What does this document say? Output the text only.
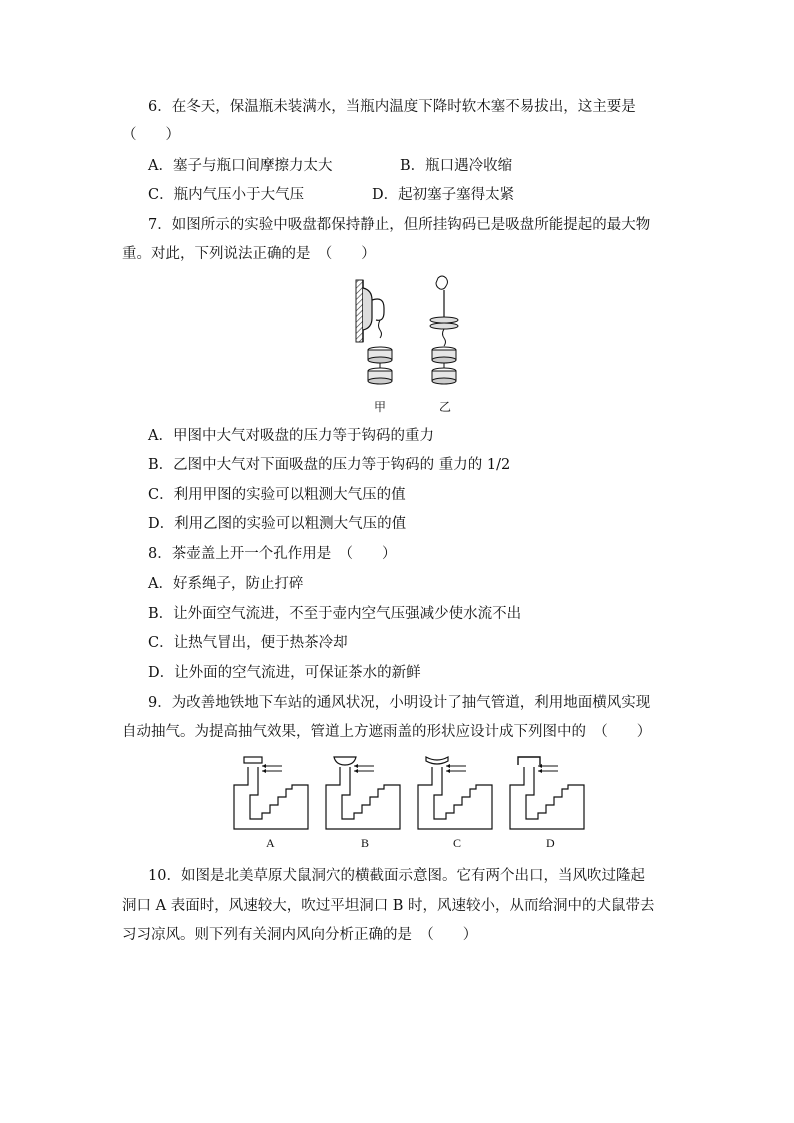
6．在冬天，保温瓶未装满水，当瓶内温度下降时软木塞不易拔出，这主要是
（　　）
A．塞子与瓶口间摩擦力太大	B．瓶口遇冷收缩
C．瓶内气压小于大气压	D．起初塞子塞得太紧
7．如图所示的实验中吸盘都保持静止，但所挂钩码已是吸盘所能提起的最大物
重。对此，下列说法正确的是　（　　）
甲	乙
A．甲图中大气对吸盘的压力等于钩码的重力
B．乙图中大气对下面吸盘的压力等于钩码的 重力的 1/2
C．利用甲图的实验可以粗测大气压的值
D．利用乙图的实验可以粗测大气压的值
8．茶壶盖上开一个孔作用是　（　　）
A．好系绳子，防止打碎
B．让外面空气流进，不至于壶内空气压强减少使水流不出
C．让热气冒出，便于热茶冷却
D．让外面的空气流进，可保证茶水的新鲜
9．为改善地铁地下车站的通风状况，小明设计了抽气管道，利用地面横风实现
自动抽气。为提高抽气效果，管道上方遮雨盖的形状应设计成下列图中的　（　　）
A	B	C	D
10．如图是北美草原犬鼠洞穴的横截面示意图。它有两个出口，当风吹过隆起
洞口 A 表面时，风速较大，吹过平坦洞口 B 时，风速较小，从而给洞中的犬鼠带去
习习凉风。则下列有关洞内风向分析正确的是　（　　）
